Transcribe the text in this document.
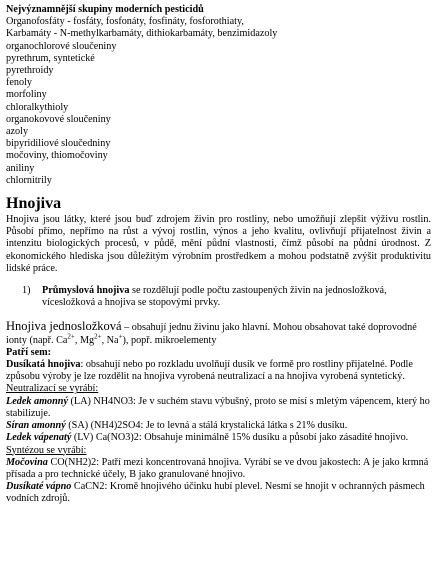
Nejvýznamnější skupiny moderních pesticidů
Organofosfáty - fosfáty, fosfonáty, fosfináty, fosforothiaty,
Karbamáty - N-methylkarbamáty, dithiokarbamáty, benzimidazoly
organochlorové sloučeniny
pyrethrum, syntetické
pyrethroidy
fenoly
morfoliny
chloralkythioly
organokovové sloučeniny
azoly
bipyridiliové sloučedniny
močoviny, thiomočoviny
aniliny
chlornitrily
Hnojiva

Hnojiva jsou látky, které jsou buď zdrojem živin pro rostliny, nebo umožňují zlepšit výživu rostlin. Působí přímo, nepřímo na růst a vývoj rostlin, výnos a jeho kvalitu, ovlivňují přijatelnost živin a intenzitu biologických procesů, v půdě, mění půdní vlastnosti, čímž působí na půdní úrodnost. Z ekonomického hlediska jsou důležitým výrobním prostředkem a mohou podstatně zvýšit produktivitu lidské práce.

1)	Průmyslová hnojiva se rozdělují podle počtu zastoupených živin na jednosložková, vícesložková a hnojiva se stopovými prvky.
Hnojiva jednosložková – obsahují jednu živinu jako hlavní. Mohou obsahovat také doprovodné ionty (např. $Ca^{2+}$, $Mg^{2+}$, Na+), popř. mikroelementy
Patří sem:
Dusíkatá hnojiva: obsahují nebo po rozkladu uvolňují dusík ve formě pro rostliny přijatelné. Podle způsobu výroby je lze rozdělit na hnojiva vyrobená neutralizací a na hnojiva vyrobená syntetický.
Neutralizací se vyrábí:
Ledek amonný (LA) NH4NO3: Je v suchém stavu výbušný, proto se mísí s mletým vápencem, který ho stabilizuje.
Síran amonný (SA) (NH4)2SO4: Je to levná a stálá krystalická látka s 21% dusíku.
Ledek vápenatý (LV) Ca(NO3)2: Obsahuje minimálně 15% dusíku a působí jako zásadité hnojivo.
Syntézou se vyrábí:
Močovina CO(NH2)2: Patří mezi koncentrovaná hnojiva. Vyrábí se ve dvou jakostech: A je jako krmná přísada a pro technické účely, B jako granulované hnojivo.
Dusíkaté vápno CaCN2: Kromě hnojivého účinku hubí plevel. Nesmí se hnojit v ochranných pásmech vodních zdrojů.
